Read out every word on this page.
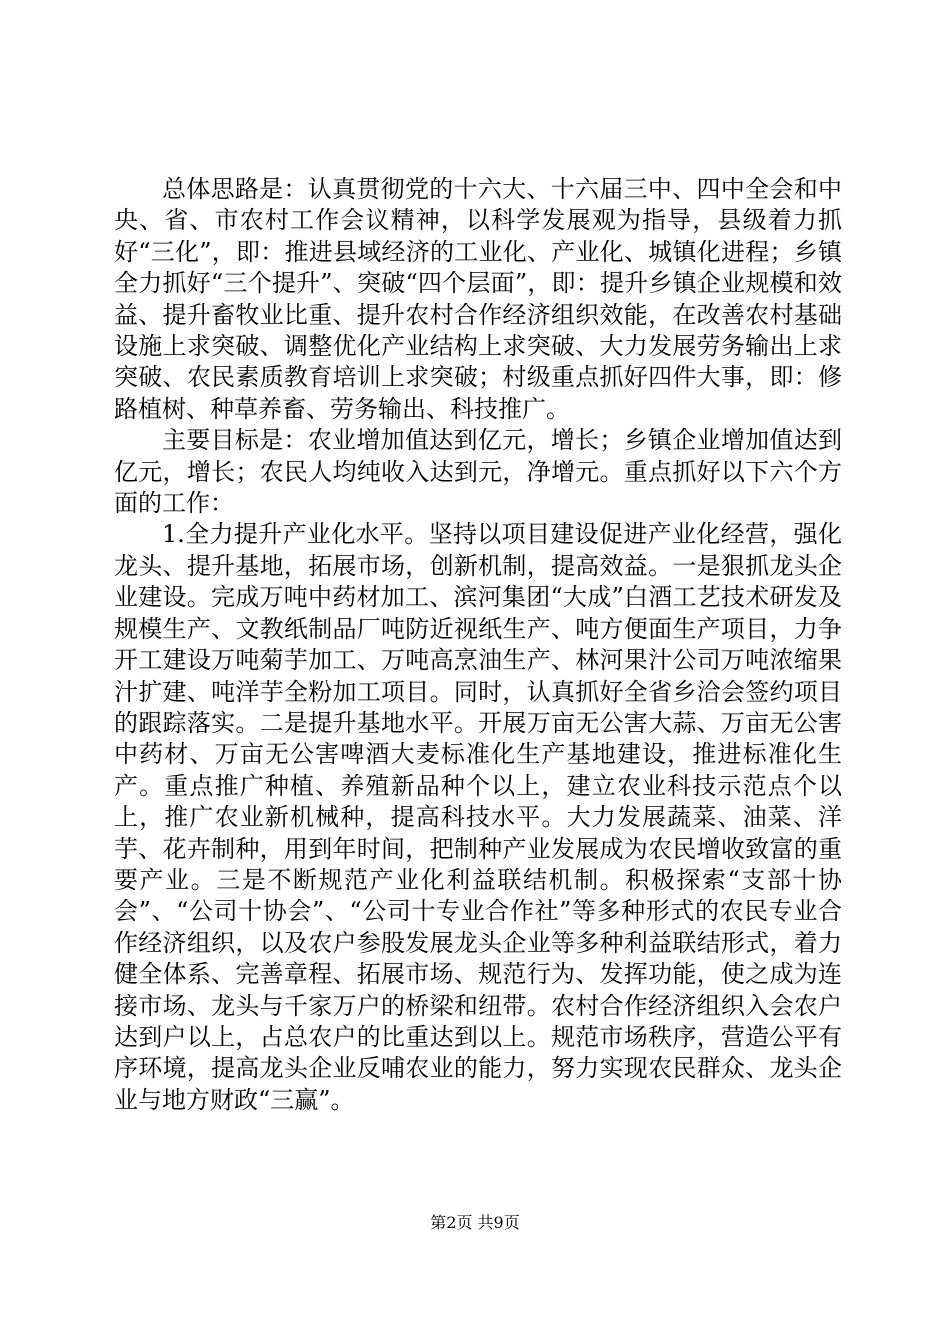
总体思路是：认真贯彻党的十六大、十六届三中、四中全会和中央、省、市农村工作会议精神，以科学发展观为指导，县级着力抓好“三化”，即：推进县域经济的工业化、产业化、城镇化进程；乡镇全力抓好“三个提升”、突破“四个层面”，即：提升乡镇企业规模和效益、提升畜牧业比重、提升农村合作经济组织效能，在改善农村基础设施上求突破、调整优化产业结构上求突破、大力发展劳务输出上求突破、农民素质教育培训上求突破；村级重点抓好四件大事，即：修路植树、种草养畜、劳务输出、科技推广。

主要目标是：农业增加值达到亿元，增长；乡镇企业增加值达到亿元，增长；农民人均纯收入达到元，净增元。重点抓好以下六个方面的工作：

1.全力提升产业化水平。坚持以项目建设促进产业化经营，强化龙头、提升基地，拓展市场，创新机制，提高效益。一是狠抓龙头企业建设。完成万吨中药材加工、滨河集团“大成”白酒工艺技术研发及规模生产、文教纸制品厂吨防近视纸生产、吨方便面生产项目，力争开工建设万吨菊芋加工、万吨高烹油生产、林河果汁公司万吨浓缩果汁扩建、吨洋芋全粉加工项目。同时，认真抓好全省乡洽会签约项目的跟踪落实。二是提升基地水平。开展万亩无公害大蒜、万亩无公害中药材、万亩无公害啤酒大麦标准化生产基地建设，推进标准化生产。重点推广种植、养殖新品种个以上，建立农业科技示范点个以上，推广农业新机械种，提高科技水平。大力发展蔬菜、油菜、洋芋、花卉制种，用到年时间，把制种产业发展成为农民增收致富的重要产业。三是不断规范产业化利益联结机制。积极探索“支部十协会”、“公司十协会”、“公司十专业合作社”等多种形式的农民专业合作经济组织，以及农户参股发展龙头企业等多种利益联结形式，着力健全体系、完善章程、拓展市场、规范行为、发挥功能，使之成为连接市场、龙头与千家万户的桥梁和纽带。农村合作经济组织入会农户达到户以上，占总农户的比重达到以上。规范市场秩序，营造公平有序环境，提高龙头企业反哺农业的能力，努力实现农民群众、龙头企业与地方财政“三赢”。

第2页 共9页
